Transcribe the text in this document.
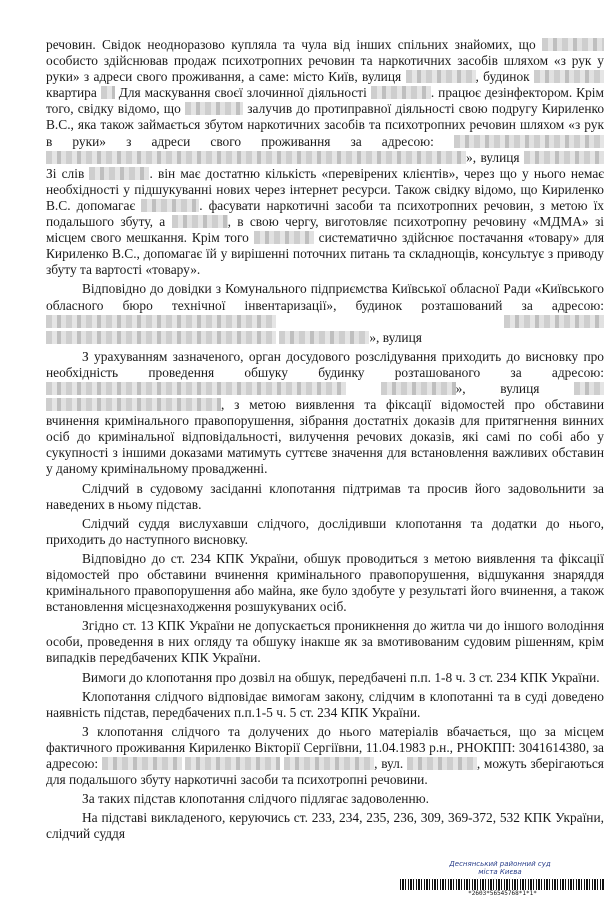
речовин. Свідок неодноразово купляла та чула від інших спільних знайомих, що  особисто здійснював продаж психотропних речовин та наркотичних засобів шляхом «з рук у руки» з адреси свого проживання, а саме: місто Київ, вулиця	, будинок  квартира  Для маскування своєї злочинної діяльності	. працює дезінфектором. Крім того, свідку відомо, що	залучив до протиправної діяльності свою подругу Кириленко В.С., яка також займається збутом наркотичних засобів та психотропних речовин шляхом «з рук в руки» з адреси свого проживання за адресою:  », вулиця  Зі слів	. він має достатню кількість «перевірених клієнтів», через що у нього немає необхідності у підшукуванні нових через інтернет ресурси. Також свідку відомо, що Кириленко В.С. допомагає	. фасувати наркотичні засоби та психотропних речовин, з метою їх подальшого збуту, а	, в свою чергу, виготовляє психотропну речовину «МДМА» зі місцем свого мешкання. Крім того	систематично здійснює постачання «товару» для Кириленко В.С., допомагає їй у вирішенні поточних питань та складнощів, консультує з приводу збуту та вартості «товару».

Відповідно до довідки з Комунального підприємства Київської обласної Ради «Київського обласного бюро технічної інвентаризації», будинок розташований за адресою:    », вулиця

З урахуванням зазначеного, орган досудового розслідування приходить до висновку про необхідність проведення обшуку будинку розташованого за адресою:  », вулиця  , з метою виявлення та фіксації відомостей про обставини вчинення кримінального правопорушення, зібрання достатніх доказів для притягнення винних осіб до кримінальної відповідальності, вилучення речових доказів, які самі по собі або у сукупності з іншими доказами матимуть суттєве значення для встановлення важливих обставин у даному кримінальному провадженні.

Слідчий в судовому засіданні клопотання підтримав та просив його задовольнити за наведених в ньому підстав.

Слідчий суддя вислухавши слідчого, дослідивши клопотання та додатки до нього, приходить до наступного висновку.

Відповідно до ст. 234 КПК України, обшук проводиться з метою виявлення та фіксації відомостей про обставини вчинення кримінального правопорушення, відшукання знаряддя кримінального правопорушення або майна, яке було здобуте у результаті його вчинення, а також встановлення місцезнаходження розшукуваних осіб.

Згідно ст. 13 КПК України не допускається проникнення до житла чи до іншого володіння особи, проведення в них огляду та обшуку інакше як за вмотивованим судовим рішенням, крім випадків передбачених КПК України.

Вимоги до клопотання про дозвіл на обшук, передбачені п.п. 1-8 ч. 3 ст. 234 КПК України.

Клопотання слідчого відповідає вимогам закону, слідчим в клопотанні та в суді доведено наявність підстав, передбачених п.п.1-5 ч. 5 ст. 234 КПК України.

З клопотання слідчого та долучених до нього матеріалів вбачається, що за місцем фактичного проживання Кириленко Вікторії Сергіївни, 11.04.1983 р.н., РНОКПП: 3041614380, за адресою:	, вул.	, можуть зберігаються для подальшого збуту наркотичні засоби та психотропні речовини.

За таких підстав клопотання слідчого підлягає задоволенню.

На підставі викладеного, керуючись ст. 233, 234, 235, 236, 309, 369-372, 532 КПК України, слідчий суддя

Деснянський районний суд
міста Києва
*2603*56545768*1*1*
